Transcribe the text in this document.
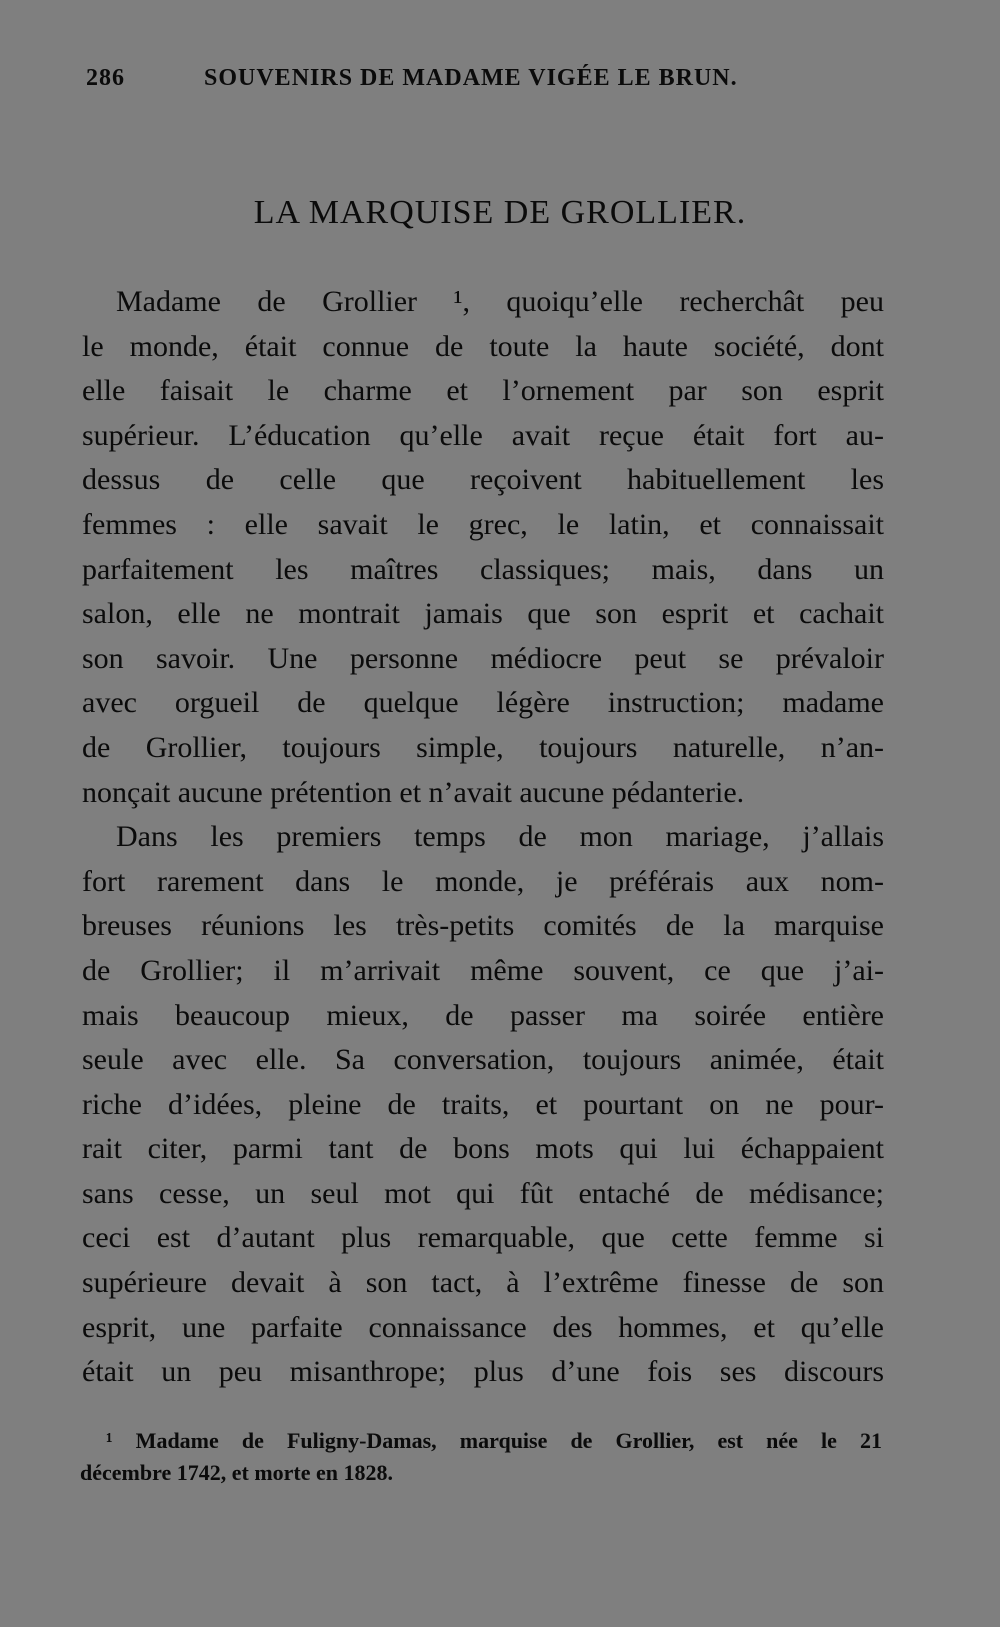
286	SOUVENIRS DE MADAME VIGÉE LE BRUN.
LA MARQUISE DE GROLLIER.
Madame de Grollier ¹, quoiqu’elle recherchât peu
le monde, était connue de toute la haute société, dont
elle faisait le charme et l’ornement par son esprit
supérieur. L’éducation qu’elle avait reçue était fort au-
dessus de celle que reçoivent habituellement les
femmes : elle savait le grec, le latin, et connaissait
parfaitement les maîtres classiques; mais, dans un
salon, elle ne montrait jamais que son esprit et cachait
son savoir. Une personne médiocre peut se prévaloir
avec orgueil de quelque légère instruction; madame
de Grollier, toujours simple, toujours naturelle, n’an-
nonçait aucune prétention et n’avait aucune pédanterie.
Dans les premiers temps de mon mariage, j’allais
fort rarement dans le monde, je préférais aux nom-
breuses réunions les très-petits comités de la marquise
de Grollier; il m’arrivait même souvent, ce que j’ai-
mais beaucoup mieux, de passer ma soirée entière
seule avec elle. Sa conversation, toujours animée, était
riche d’idées, pleine de traits, et pourtant on ne pour-
rait citer, parmi tant de bons mots qui lui échappaient
sans cesse, un seul mot qui fût entaché de médisance;
ceci est d’autant plus remarquable, que cette femme si
supérieure devait à son tact, à l’extrême finesse de son
esprit, une parfaite connaissance des hommes, et qu’elle
était un peu misanthrope; plus d’une fois ses discours
¹ Madame de Fuligny-Damas, marquise de Grollier, est née le 21
décembre 1742, et morte en 1828.
